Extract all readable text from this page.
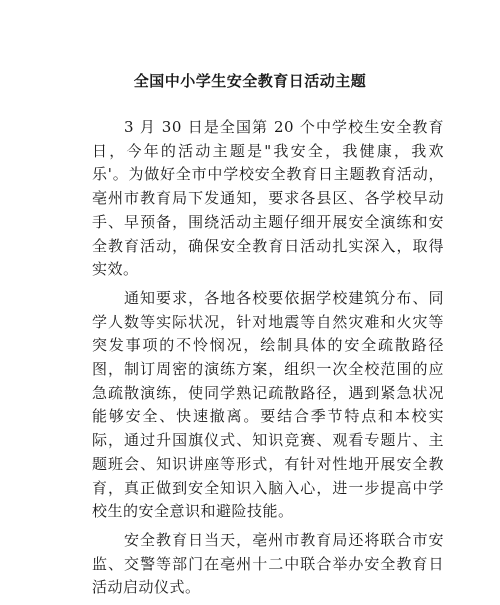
全国中小学生安全教育日活动主题

3 月 30 日是全国第 20 个中学校生安全教育日，今年的活动主题是"我安全，我健康，我欢乐'。为做好全市中学校安全教育日主题教育活动，亳州市教育局下发通知，要求各县区、各学校早动手、早预备，围绕活动主题仔细开展安全演练和安全教育活动，确保安全教育日活动扎实深入，取得实效。

通知要求，各地各校要依据学校建筑分布、同学人数等实际状况，针对地震等自然灾难和火灾等突发事项的不怜悯况，绘制具体的安全疏散路径图，制订周密的演练方案，组织一次全校范围的应急疏散演练，使同学熟记疏散路径，遇到紧急状况能够安全、快速撤离。要结合季节特点和本校实际，通过升国旗仪式、知识竞赛、观看专题片、主题班会、知识讲座等形式，有针对性地开展安全教育，真正做到安全知识入脑入心，进一步提高中学校生的安全意识和避险技能。

安全教育日当天，亳州市教育局还将联合市安监、交警等部门在亳州十二中联合举办安全教育日活动启动仪式。
